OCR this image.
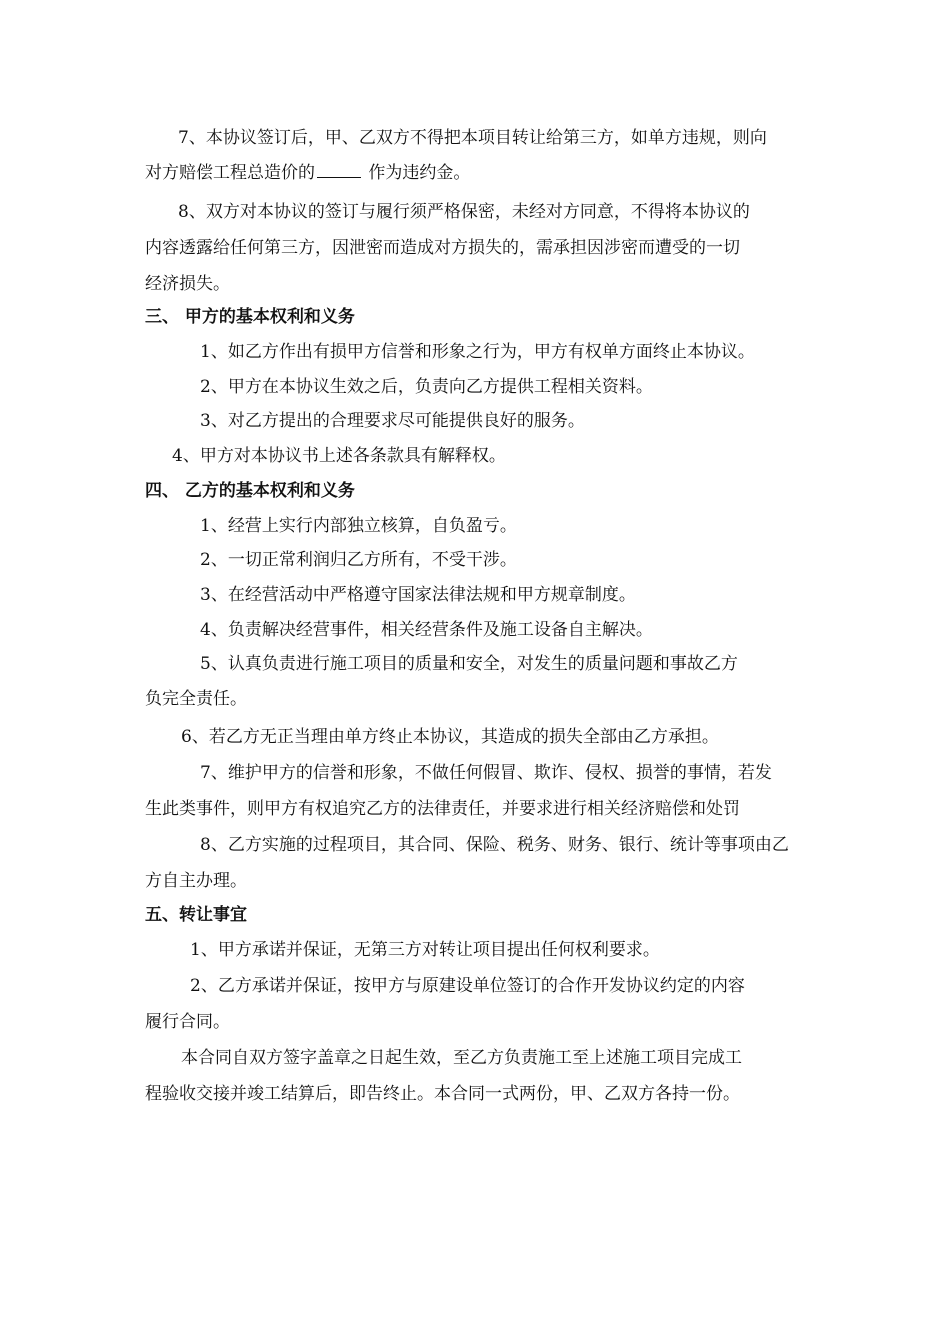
7、本协议签订后，甲、乙双方不得把本项目转让给第三方，如单方违规，则向
对方赔偿工程总造价的	作为违约金。
8、双方对本协议的签订与履行须严格保密，未经对方同意，不得将本协议的
内容透露给任何第三方，因泄密而造成对方损失的，需承担因涉密而遭受的一切
经济损失。
三、 甲方的基本权利和义务
1、如乙方作出有损甲方信誉和形象之行为，甲方有权单方面终止本协议。
2、甲方在本协议生效之后，负责向乙方提供工程相关资料。
3、对乙方提出的合理要求尽可能提供良好的服务。
4、甲方对本协议书上述各条款具有解释权。
四、 乙方的基本权利和义务
1、经营上实行内部独立核算，自负盈亏。
2、一切正常利润归乙方所有，不受干涉。
3、在经营活动中严格遵守国家法律法规和甲方规章制度。
4、负责解决经营事件，相关经营条件及施工设备自主解决。
5、认真负责进行施工项目的质量和安全，对发生的质量问题和事故乙方
负完全责任。
6、若乙方无正当理由单方终止本协议，其造成的损失全部由乙方承担。
7、维护甲方的信誉和形象，不做任何假冒、欺诈、侵权、损誉的事情，若发
生此类事件，则甲方有权追究乙方的法律责任，并要求进行相关经济赔偿和处罚
8、乙方实施的过程项目，其合同、保险、税务、财务、银行、统计等事项由乙
方自主办理。
五、转让事宜
1、甲方承诺并保证，无第三方对转让项目提出任何权利要求。
2、乙方承诺并保证，按甲方与原建设单位签订的合作开发协议约定的内容
履行合同。
本合同自双方签字盖章之日起生效，至乙方负责施工至上述施工项目完成工
程验收交接并竣工结算后，即告终止。本合同一式两份，甲、乙双方各持一份。
